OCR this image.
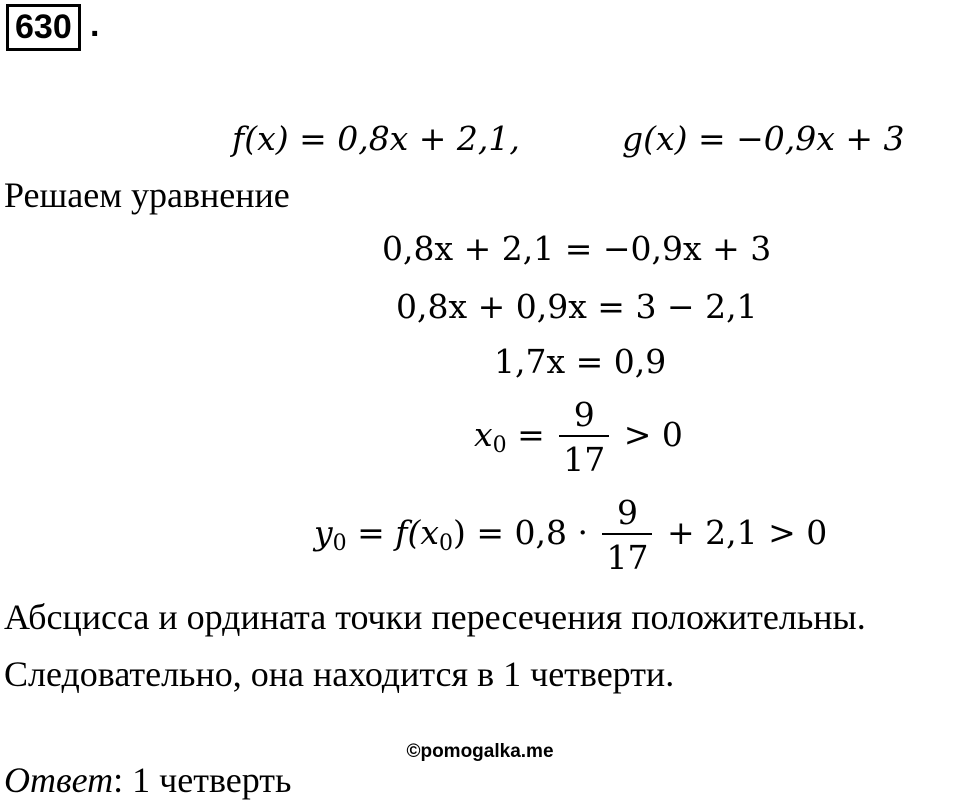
630 .
f(x) = 0,8x + 2,1,	g(x) = −0,9x + 3
Решаем уравнение
0,8x + 2,1 = −0,9x + 3
0,8x + 0,9x = 3 − 2,1
1,7x = 0,9
$x_0 = \frac{9}{17} > 0$
$y_0 = f(x_0) = 0,8 \cdot \frac{9}{17} + 2,1 > 0$
Абсцисса и ордината точки пересечения положительны.
Следовательно, она находится в 1 четверти.
©pomogalka.me
Ответ: 1 четверть
